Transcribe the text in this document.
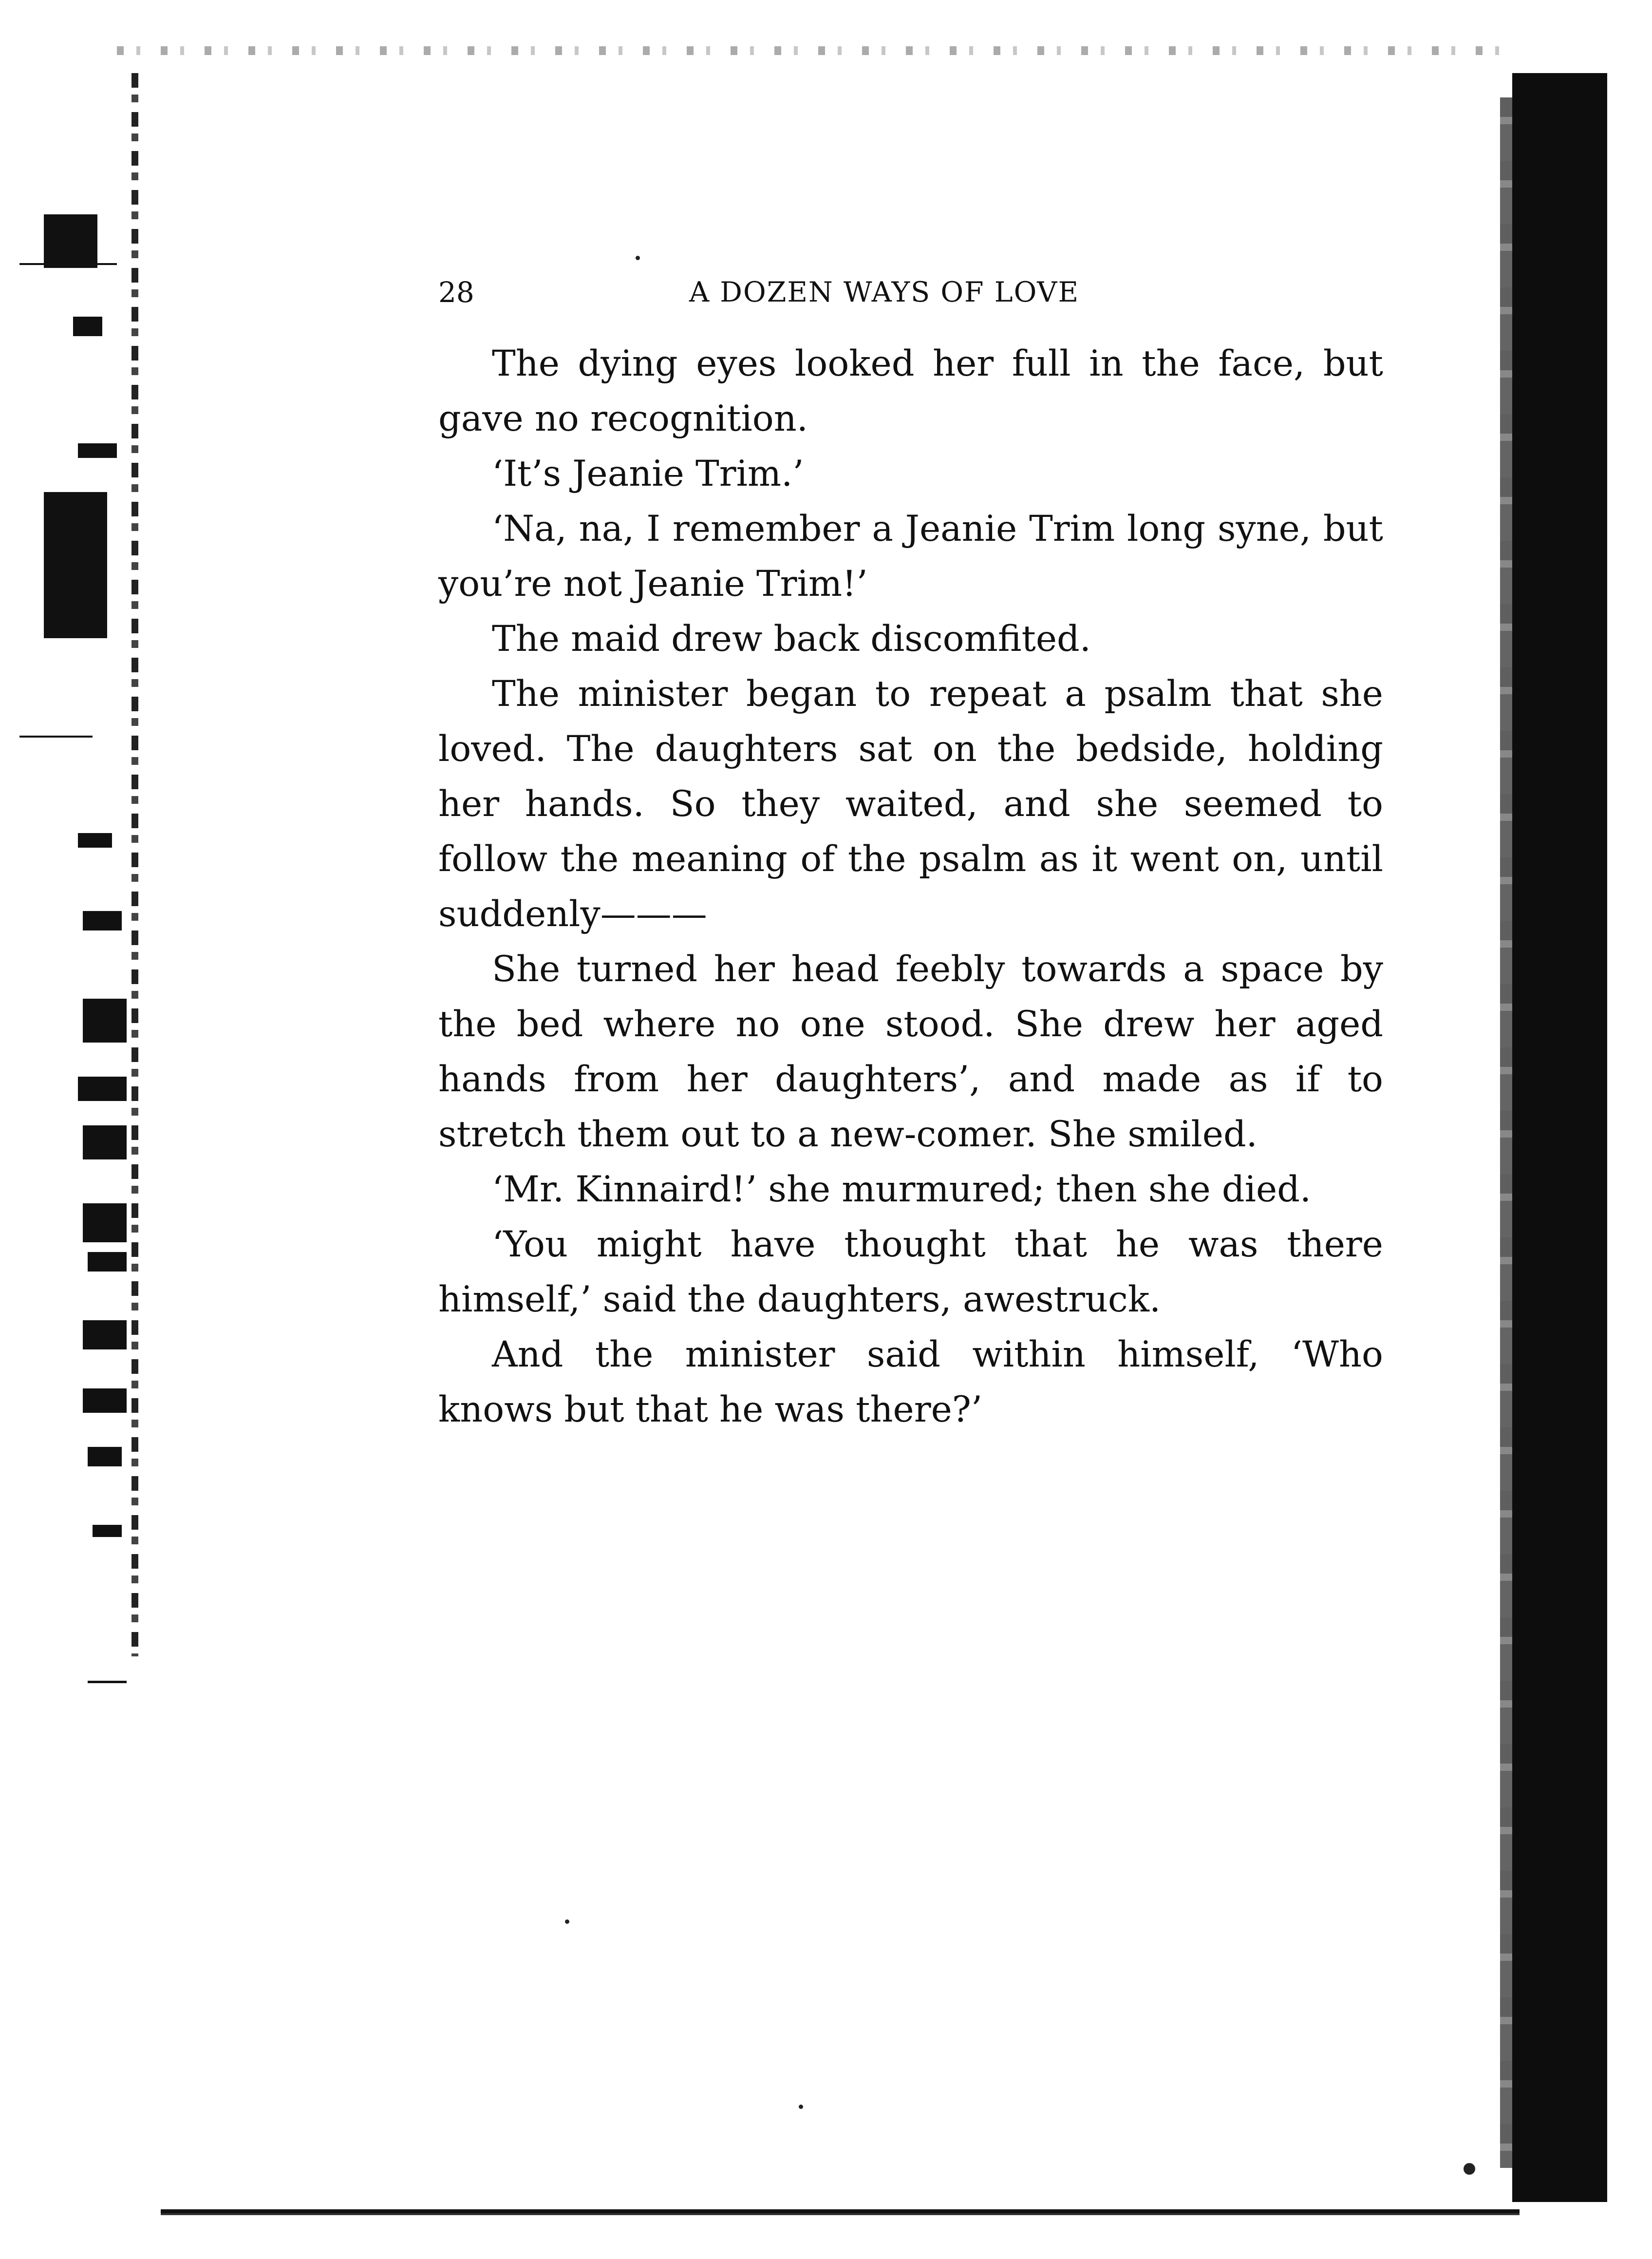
28	A DOZEN WAYS OF LOVE

The dying eyes looked her full in the face, but gave no recognition.

‘It’s Jeanie Trim.’

‘Na, na, I remember a Jeanie Trim long syne, but you’re not Jeanie Trim!’

The maid drew back discomfited.

The minister began to repeat a psalm that she loved. The daughters sat on the bedside, holding her hands. So they waited, and she seemed to follow the meaning of the psalm as it went on, until suddenly———

She turned her head feebly towards a space by the bed where no one stood. She drew her aged hands from her daughters’, and made as if to stretch them out to a new-comer. She smiled.

‘Mr. Kinnaird!’ she murmured; then she died.

‘You might have thought that he was there himself,’ said the daughters, awestruck.

And the minister said within himself, ‘Who knows but that he was there?’
